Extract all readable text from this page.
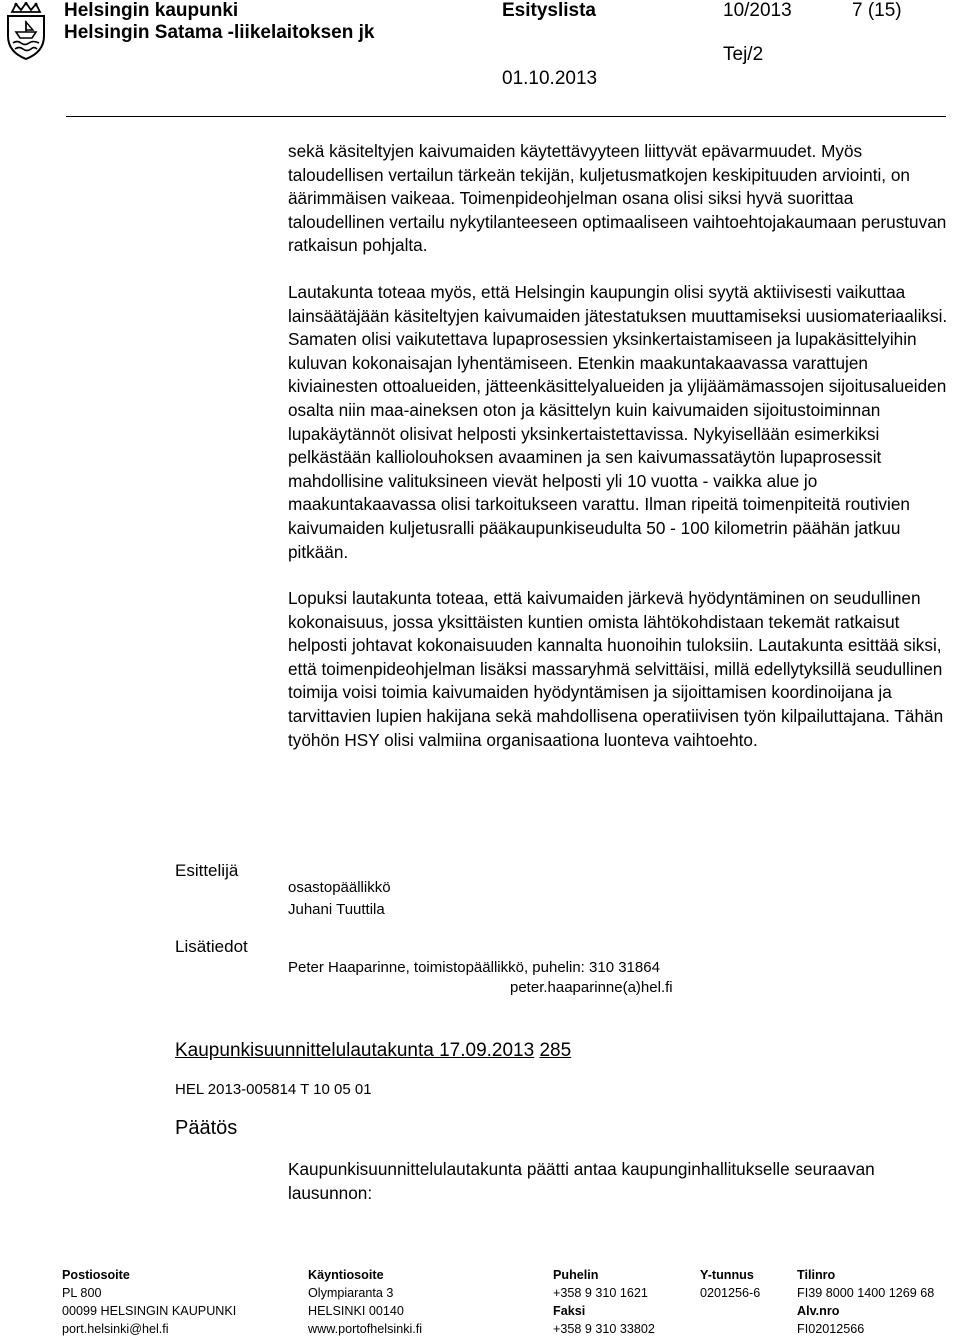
Helsingin kaupunki
Helsingin Satama -liikelaitoksen jk
Esityslista	10/2013	7 (15)
Tej/2
01.10.2013

sekä käsiteltyjen kaivumaiden käytettävyyteen liittyvät epävarmuudet. Myös taloudellisen vertailun tärkeän tekijän, kuljetusmatkojen keskipituuden arviointi, on äärimmäisen vaikeaa. Toimenpideohjelman osana olisi siksi hyvä suorittaa taloudellinen vertailu nykytilanteeseen optimaaliseen vaihtoehtojakaumaan perustuvan ratkaisun pohjalta.

Lautakunta toteaa myös, että Helsingin kaupungin olisi syytä aktiivisesti vaikuttaa lainsäätäjään käsiteltyjen kaivumaiden jätestatuksen muuttamiseksi uusiomateriaaliksi. Samaten olisi vaikutettava lupaprosessien yksinkertaistamiseen ja lupakäsittelyihin kuluvan kokonaisajan lyhentämiseen. Etenkin maakuntakaavassa varattujen kiviainesten ottoalueiden, jätteenkäsittelyalueiden ja ylijäämämassojen sijoitusalueiden osalta niin maa-aineksen oton ja käsittelyn kuin kaivumaiden sijoitustoiminnan lupakäytännöt olisivat helposti yksinkertaistettavissa. Nykyisellään esimerkiksi pelkästään kalliolouhoksen avaaminen ja sen kaivumassatäytön lupaprosessit mahdollisine valituksineen vievät helposti yli 10 vuotta - vaikka alue jo maakuntakaavassa olisi tarkoitukseen varattu. Ilman ripeitä toimenpiteitä routivien kaivumaiden kuljetusralli pääkaupunkiseudulta 50 - 100 kilometrin päähän jatkuu pitkään.

Lopuksi lautakunta toteaa, että kaivumaiden järkevä hyödyntäminen on seudullinen kokonaisuus, jossa yksittäisten kuntien omista lähtökohdistaan tekemät ratkaisut helposti johtavat kokonaisuuden kannalta huonoihin tuloksiin. Lautakunta esittää siksi, että toimenpideohjelman lisäksi massaryhmä selvittäisi, millä edellytyksillä seudullinen toimija voisi toimia kaivumaiden hyödyntämisen ja sijoittamisen koordinoijana ja tarvittavien lupien hakijana sekä mahdollisena operatiivisen työn kilpailuttajana. Tähän työhön HSY olisi valmiina organisaationa luonteva vaihtoehto.

Esittelijä
osastopäällikkö
Juhani Tuuttila
Lisätiedot
Peter Haaparinne, toimistopäällikkö, puhelin: 310 31864
peter.haaparinne(a)hel.fi
Kaupunkisuunnittelulautakunta 17.09.2013 285
HEL 2013-005814 T 10 05 01
Päätös
Kaupunkisuunnittelulautakunta päätti antaa kaupunginhallitukselle seuraavan lausunnon:
Postiosoite
PL 800
00099 HELSINGIN KAUPUNKI
port.helsinki@hel.fi
Käyntiosoite
Olympiaranta 3
HELSINKI 00140
www.portofhelsinki.fi
Puhelin
+358 9 310 1621
Faksi
+358 9 310 33802
Y-tunnus
0201256-6
Tilinro
FI39 8000 1400 1269 68
Alv.nro
FI02012566
